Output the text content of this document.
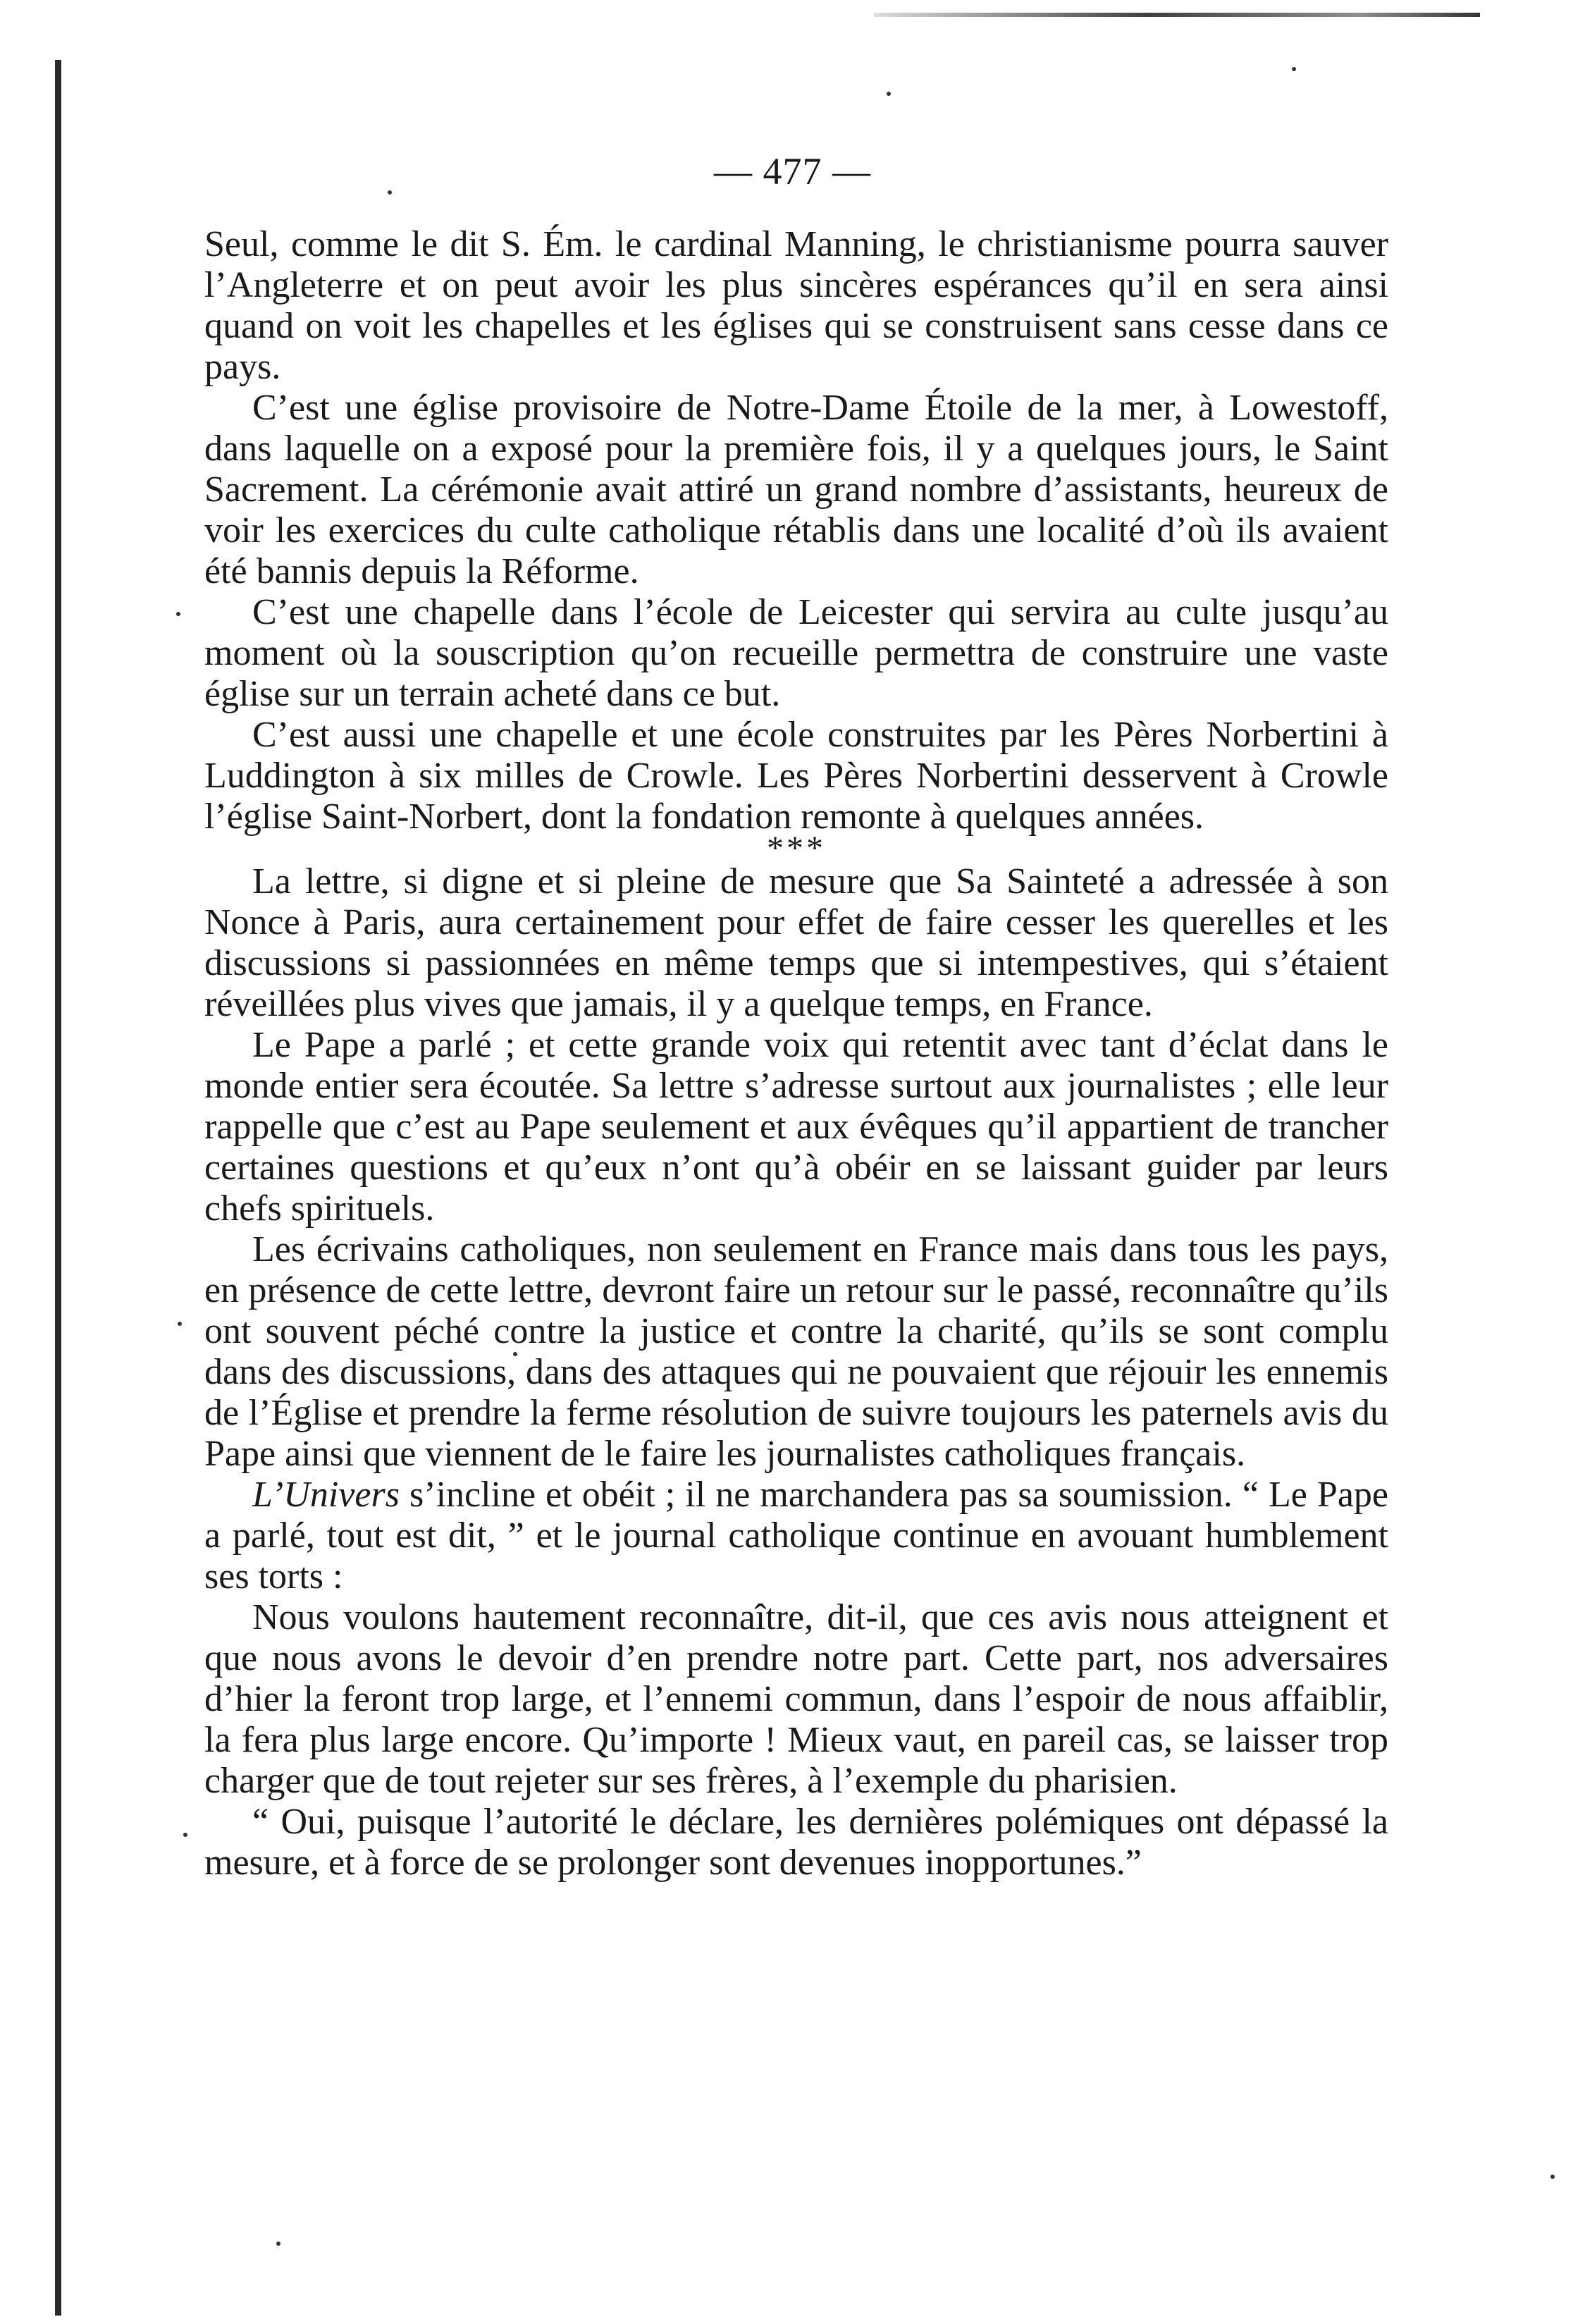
— 477 —

Seul, comme le dit S. Ém. le cardinal Manning, le christianisme pourra sauver l’Angleterre et on peut avoir les plus sincères espérances qu’il en sera ainsi quand on voit les chapelles et les églises qui se construisent sans cesse dans ce pays.

C’est une église provisoire de Notre-Dame Étoile de la mer, à Lowestoff, dans laquelle on a exposé pour la première fois, il y a quelques jours, le Saint Sacrement. La cérémonie avait attiré un grand nombre d’assistants, heureux de voir les exercices du culte catholique rétablis dans une localité d’où ils avaient été bannis depuis la Réforme.

C’est une chapelle dans l’école de Leicester qui servira au culte jusqu’au moment où la souscription qu’on recueille permettra de construire une vaste église sur un terrain acheté dans ce but.

C’est aussi une chapelle et une école construites par les Pères Norbertini à Luddington à six milles de Crowle. Les Pères Norbertini desservent à Crowle l’église Saint-Norbert, dont la fondation remonte à quelques années.

***

La lettre, si digne et si pleine de mesure que Sa Sainteté a adressée à son Nonce à Paris, aura certainement pour effet de faire cesser les querelles et les discussions si passionnées en même temps que si intempestives, qui s’étaient réveillées plus vives que jamais, il y a quelque temps, en France.

Le Pape a parlé ; et cette grande voix qui retentit avec tant d’éclat dans le monde entier sera écoutée. Sa lettre s’adresse surtout aux journalistes ; elle leur rappelle que c’est au Pape seulement et aux évêques qu’il appartient de trancher certaines questions et qu’eux n’ont qu’à obéir en se laissant guider par leurs chefs spirituels.

Les écrivains catholiques, non seulement en France mais dans tous les pays, en présence de cette lettre, devront faire un retour sur le passé, reconnaître qu’ils ont souvent péché contre la justice et contre la charité, qu’ils se sont complu dans des discussions, dans des attaques qui ne pouvaient que réjouir les ennemis de l’Église et prendre la ferme résolution de suivre toujours les paternels avis du Pape ainsi que viennent de le faire les journalistes catholiques français.

L’Univers s’incline et obéit ; il ne marchandera pas sa soumission. “ Le Pape a parlé, tout est dit, ” et le journal catholique continue en avouant humblement ses torts :

Nous voulons hautement reconnaître, dit-il, que ces avis nous atteignent et que nous avons le devoir d’en prendre notre part. Cette part, nos adversaires d’hier la feront trop large, et l’ennemi commun, dans l’espoir de nous affaiblir, la fera plus large encore. Qu’importe ! Mieux vaut, en pareil cas, se laisser trop charger que de tout rejeter sur ses frères, à l’exemple du pharisien.

“ Oui, puisque l’autorité le déclare, les dernières polémiques ont dépassé la mesure, et à force de se prolonger sont devenues inopportunes.”
